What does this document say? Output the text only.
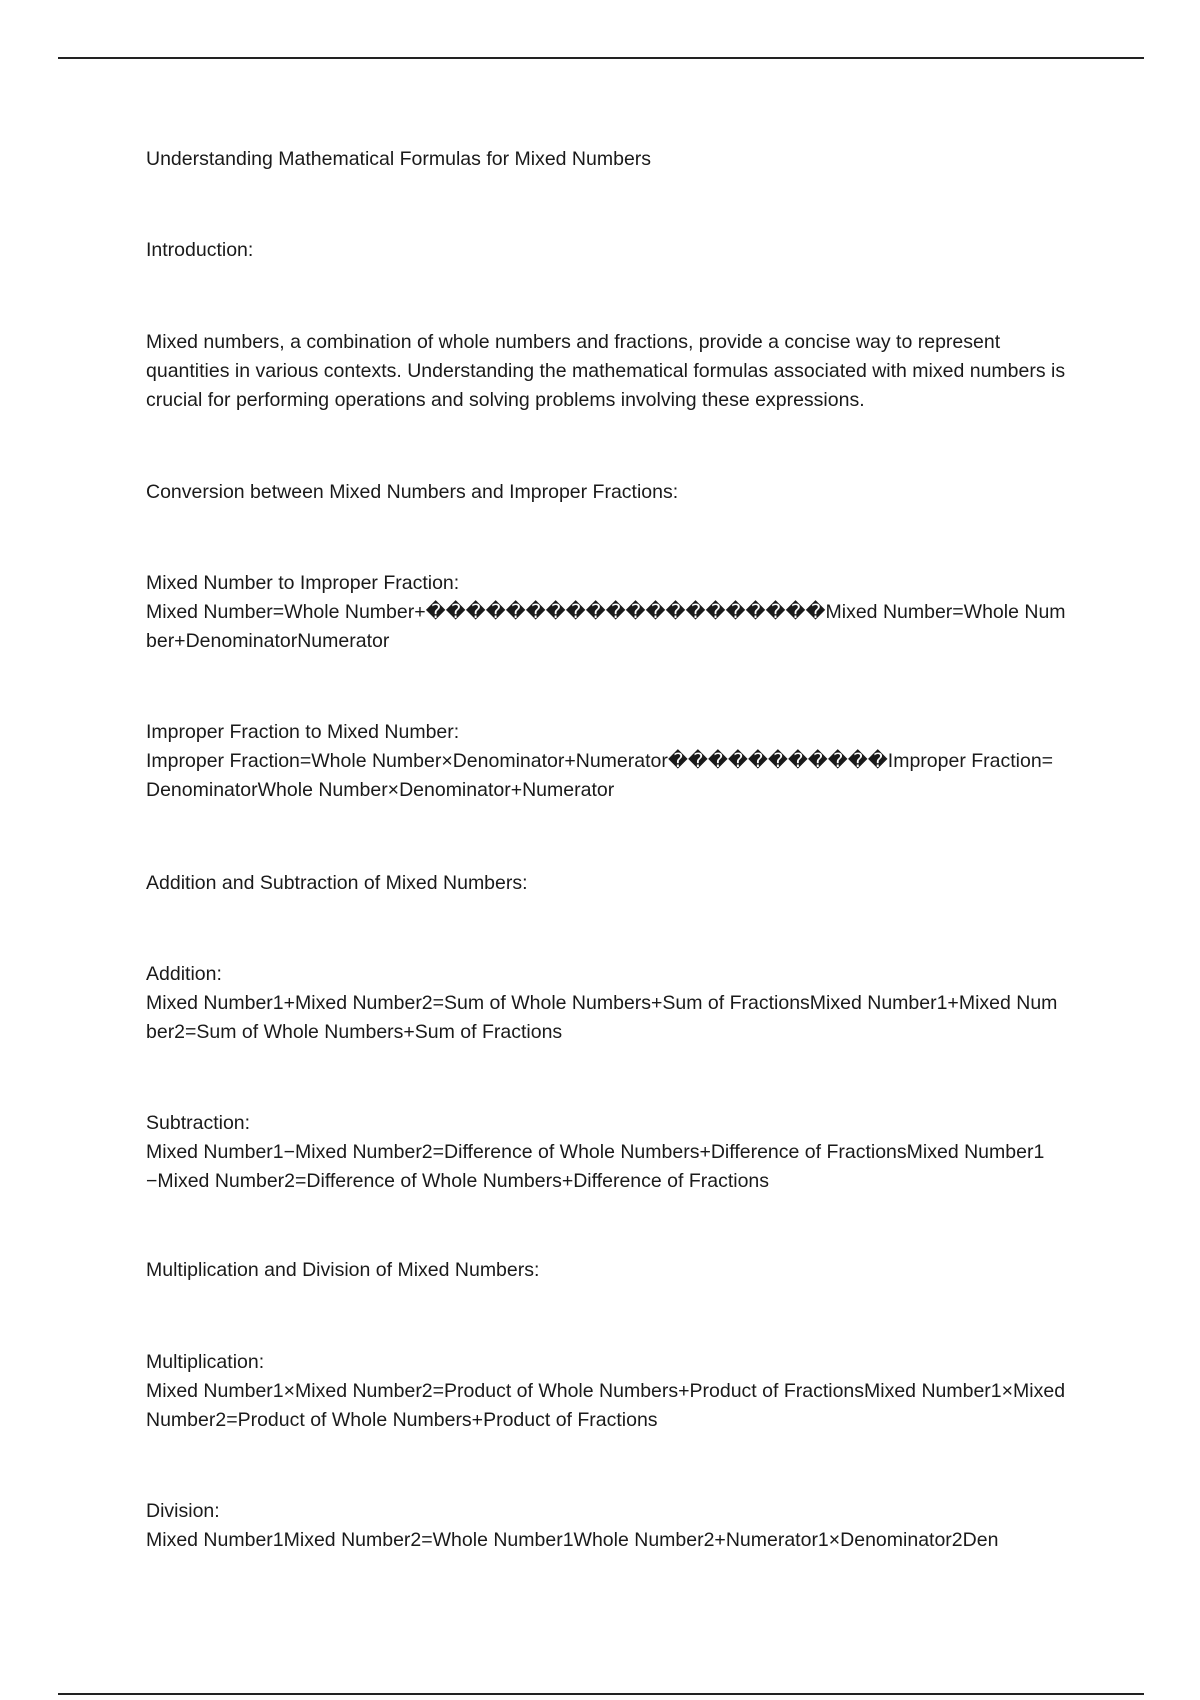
Understanding Mathematical Formulas for Mixed Numbers
Introduction:
Mixed numbers, a combination of whole numbers and fractions, provide a concise way to represent quantities in various contexts. Understanding the mathematical formulas associated with mixed numbers is crucial for performing operations and solving problems involving these expressions.
Conversion between Mixed Numbers and Improper Fractions:
Mixed Number to Improper Fraction:
Mixed Number=Whole Number+��������������������Mixed Number=Whole Number+DenominatorNumerator
Improper Fraction to Mixed Number:
Improper Fraction=Whole Number×Denominator+Numerator�����������Improper Fraction=DenominatorWhole Number×Denominator+Numerator
Addition and Subtraction of Mixed Numbers:
Addition:
Mixed Number1+Mixed Number2=Sum of Whole Numbers+Sum of FractionsMixed Number1+Mixed Number2=Sum of Whole Numbers+Sum of Fractions
Subtraction:
Mixed Number1−Mixed Number2=Difference of Whole Numbers+Difference of FractionsMixed Number1−Mixed Number2=Difference of Whole Numbers+Difference of Fractions
Multiplication and Division of Mixed Numbers:
Multiplication:
Mixed Number1×Mixed Number2=Product of Whole Numbers+Product of FractionsMixed Number1×Mixed Number2=Product of Whole Numbers+Product of Fractions
Division:
Mixed Number1Mixed Number2=Whole Number1Whole Number2+Numerator1×Denominator2Den
